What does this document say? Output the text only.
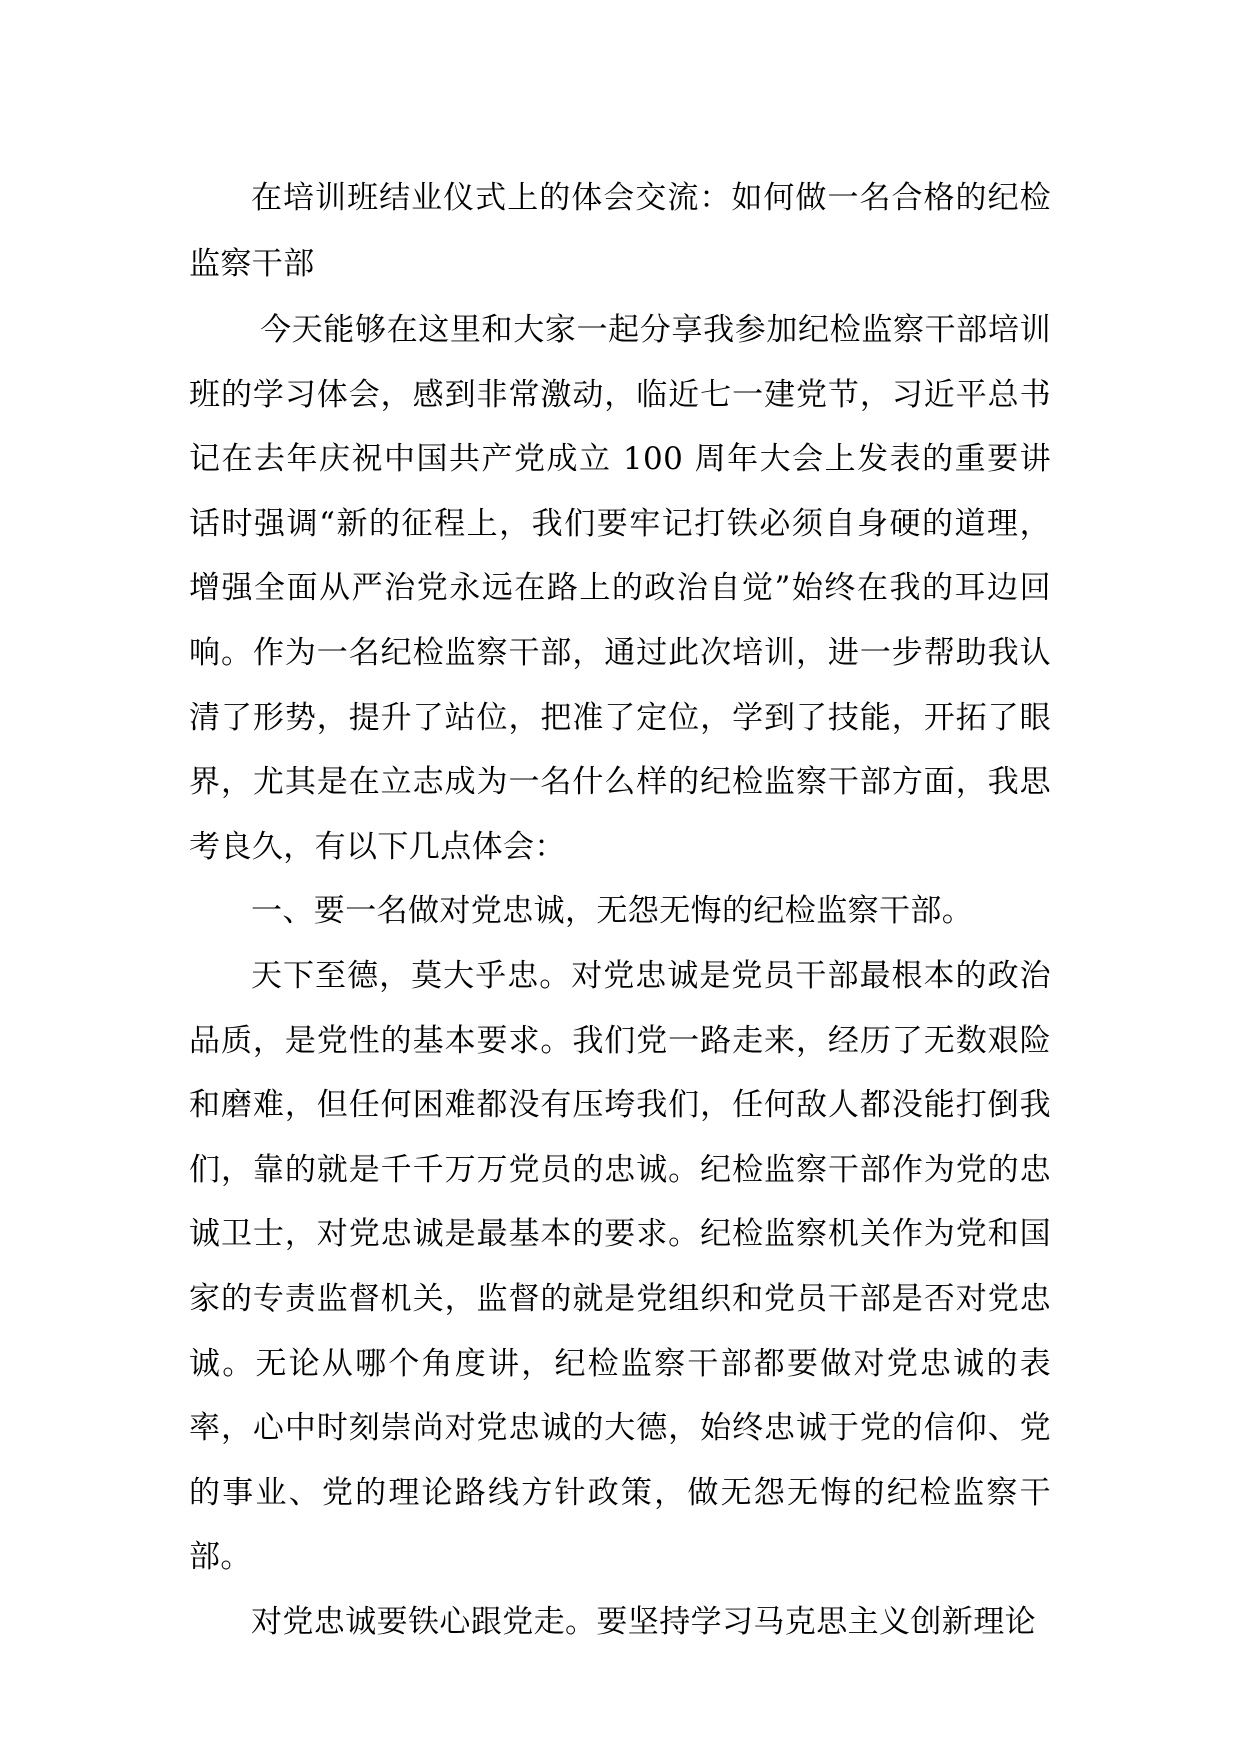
在培训班结业仪式上的体会交流：如何做一名合格的纪检监察干部

今天能够在这里和大家一起分享我参加纪检监察干部培训班的学习体会，感到非常激动，临近七一建党节，习近平总书记在去年庆祝中国共产党成立 100 周年大会上发表的重要讲话时强调“新的征程上，我们要牢记打铁必须自身硬的道理，增强全面从严治党永远在路上的政治自觉”始终在我的耳边回响。作为一名纪检监察干部，通过此次培训，进一步帮助我认清了形势，提升了站位，把准了定位，学到了技能，开拓了眼界，尤其是在立志成为一名什么样的纪检监察干部方面，我思考良久，有以下几点体会：

一、要一名做对党忠诚，无怨无悔的纪检监察干部。

天下至德，莫大乎忠。对党忠诚是党员干部最根本的政治品质，是党性的基本要求。我们党一路走来，经历了无数艰险和磨难，但任何困难都没有压垮我们，任何敌人都没能打倒我们，靠的就是千千万万党员的忠诚。纪检监察干部作为党的忠诚卫士，对党忠诚是最基本的要求。纪检监察机关作为党和国家的专责监督机关，监督的就是党组织和党员干部是否对党忠诚。无论从哪个角度讲，纪检监察干部都要做对党忠诚的表率，心中时刻崇尚对党忠诚的大德，始终忠诚于党的信仰、党的事业、党的理论路线方针政策，做无怨无悔的纪检监察干部。

对党忠诚要铁心跟党走。要坚持学习马克思主义创新理论
